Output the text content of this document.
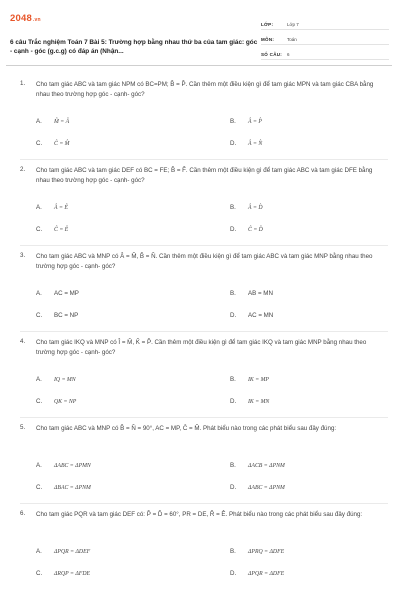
2048.vn
6 câu Trắc nghiệm Toán 7 Bài 5: Trường hợp bằng nhau thứ ba của tam giác: góc - cạnh - góc (g.c.g) có đáp án (Nhận...
LỚP:	Lớp 7
MÔN:	Toán
SỐ CÂU: 6
1. Cho tam giác ABC và tam giác NPM có BC=PM; B̂ = P̂. Cần thêm một điều kiện gì để tam giác MPN và tam giác CBA bằng nhau theo trường hợp góc - cạnh- góc?
A.	M̂ = Â	B.	Â = P̂
C.	Ĉ = M̂	D.	Â = N̂
2. Cho tam giác ABC và tam giác DEF có BC = FE; B̂ = F̂. Cần thêm một điều kiện gì để tam giác ABC và tam giác DFE bằng nhau theo trường hợp góc - cạnh- góc?
A.	Â = Ê	B.	Â = D̂
C.	Ĉ = Ê	D.	Ĉ = D̂
3. Cho tam giác ABC và MNP có Â = M̂, B̂ = N̂. Cần thêm một điều kiện gì để tam giác ABC và tam giác MNP bằng nhau theo trường hợp góc - cạnh- góc?
A.	AC = MP	B.	AB = MN
C.	BC = NP	D.	AC = MN
4. Cho tam giác IKQ và MNP có Î = M̂, K̂ = P̂. Cần thêm một điều kiện gì để tam giác IKQ và tam giác MNP bằng nhau theo trường hợp góc - cạnh- góc?
A.	IQ = MN	B.	IK = MP
C.	QK = NP	D.	IK = MN
5. Cho tam giác ABC và MNP có B̂ = N̂ = 90°, AC = MP, Ĉ = M̂. Phát biểu nào trong các phát biểu sau đây đúng:
A.	ΔABC = ΔPMN	B.	ΔACB = ΔPNM
C.	ΔBAC = ΔPNM	D.	ΔABC = ΔPNM
6. Cho tam giác PQR và tam giác DEF có: P̂ = D̂ = 60°, PR = DE, R̂ = Ê. Phát biểu nào trong các phát biểu sau đây đúng:
A.	ΔPQR = ΔDEF	B.	ΔPRQ = ΔDFE
C.	ΔRQP = ΔFDE	D.	ΔPQR = ΔDFE
